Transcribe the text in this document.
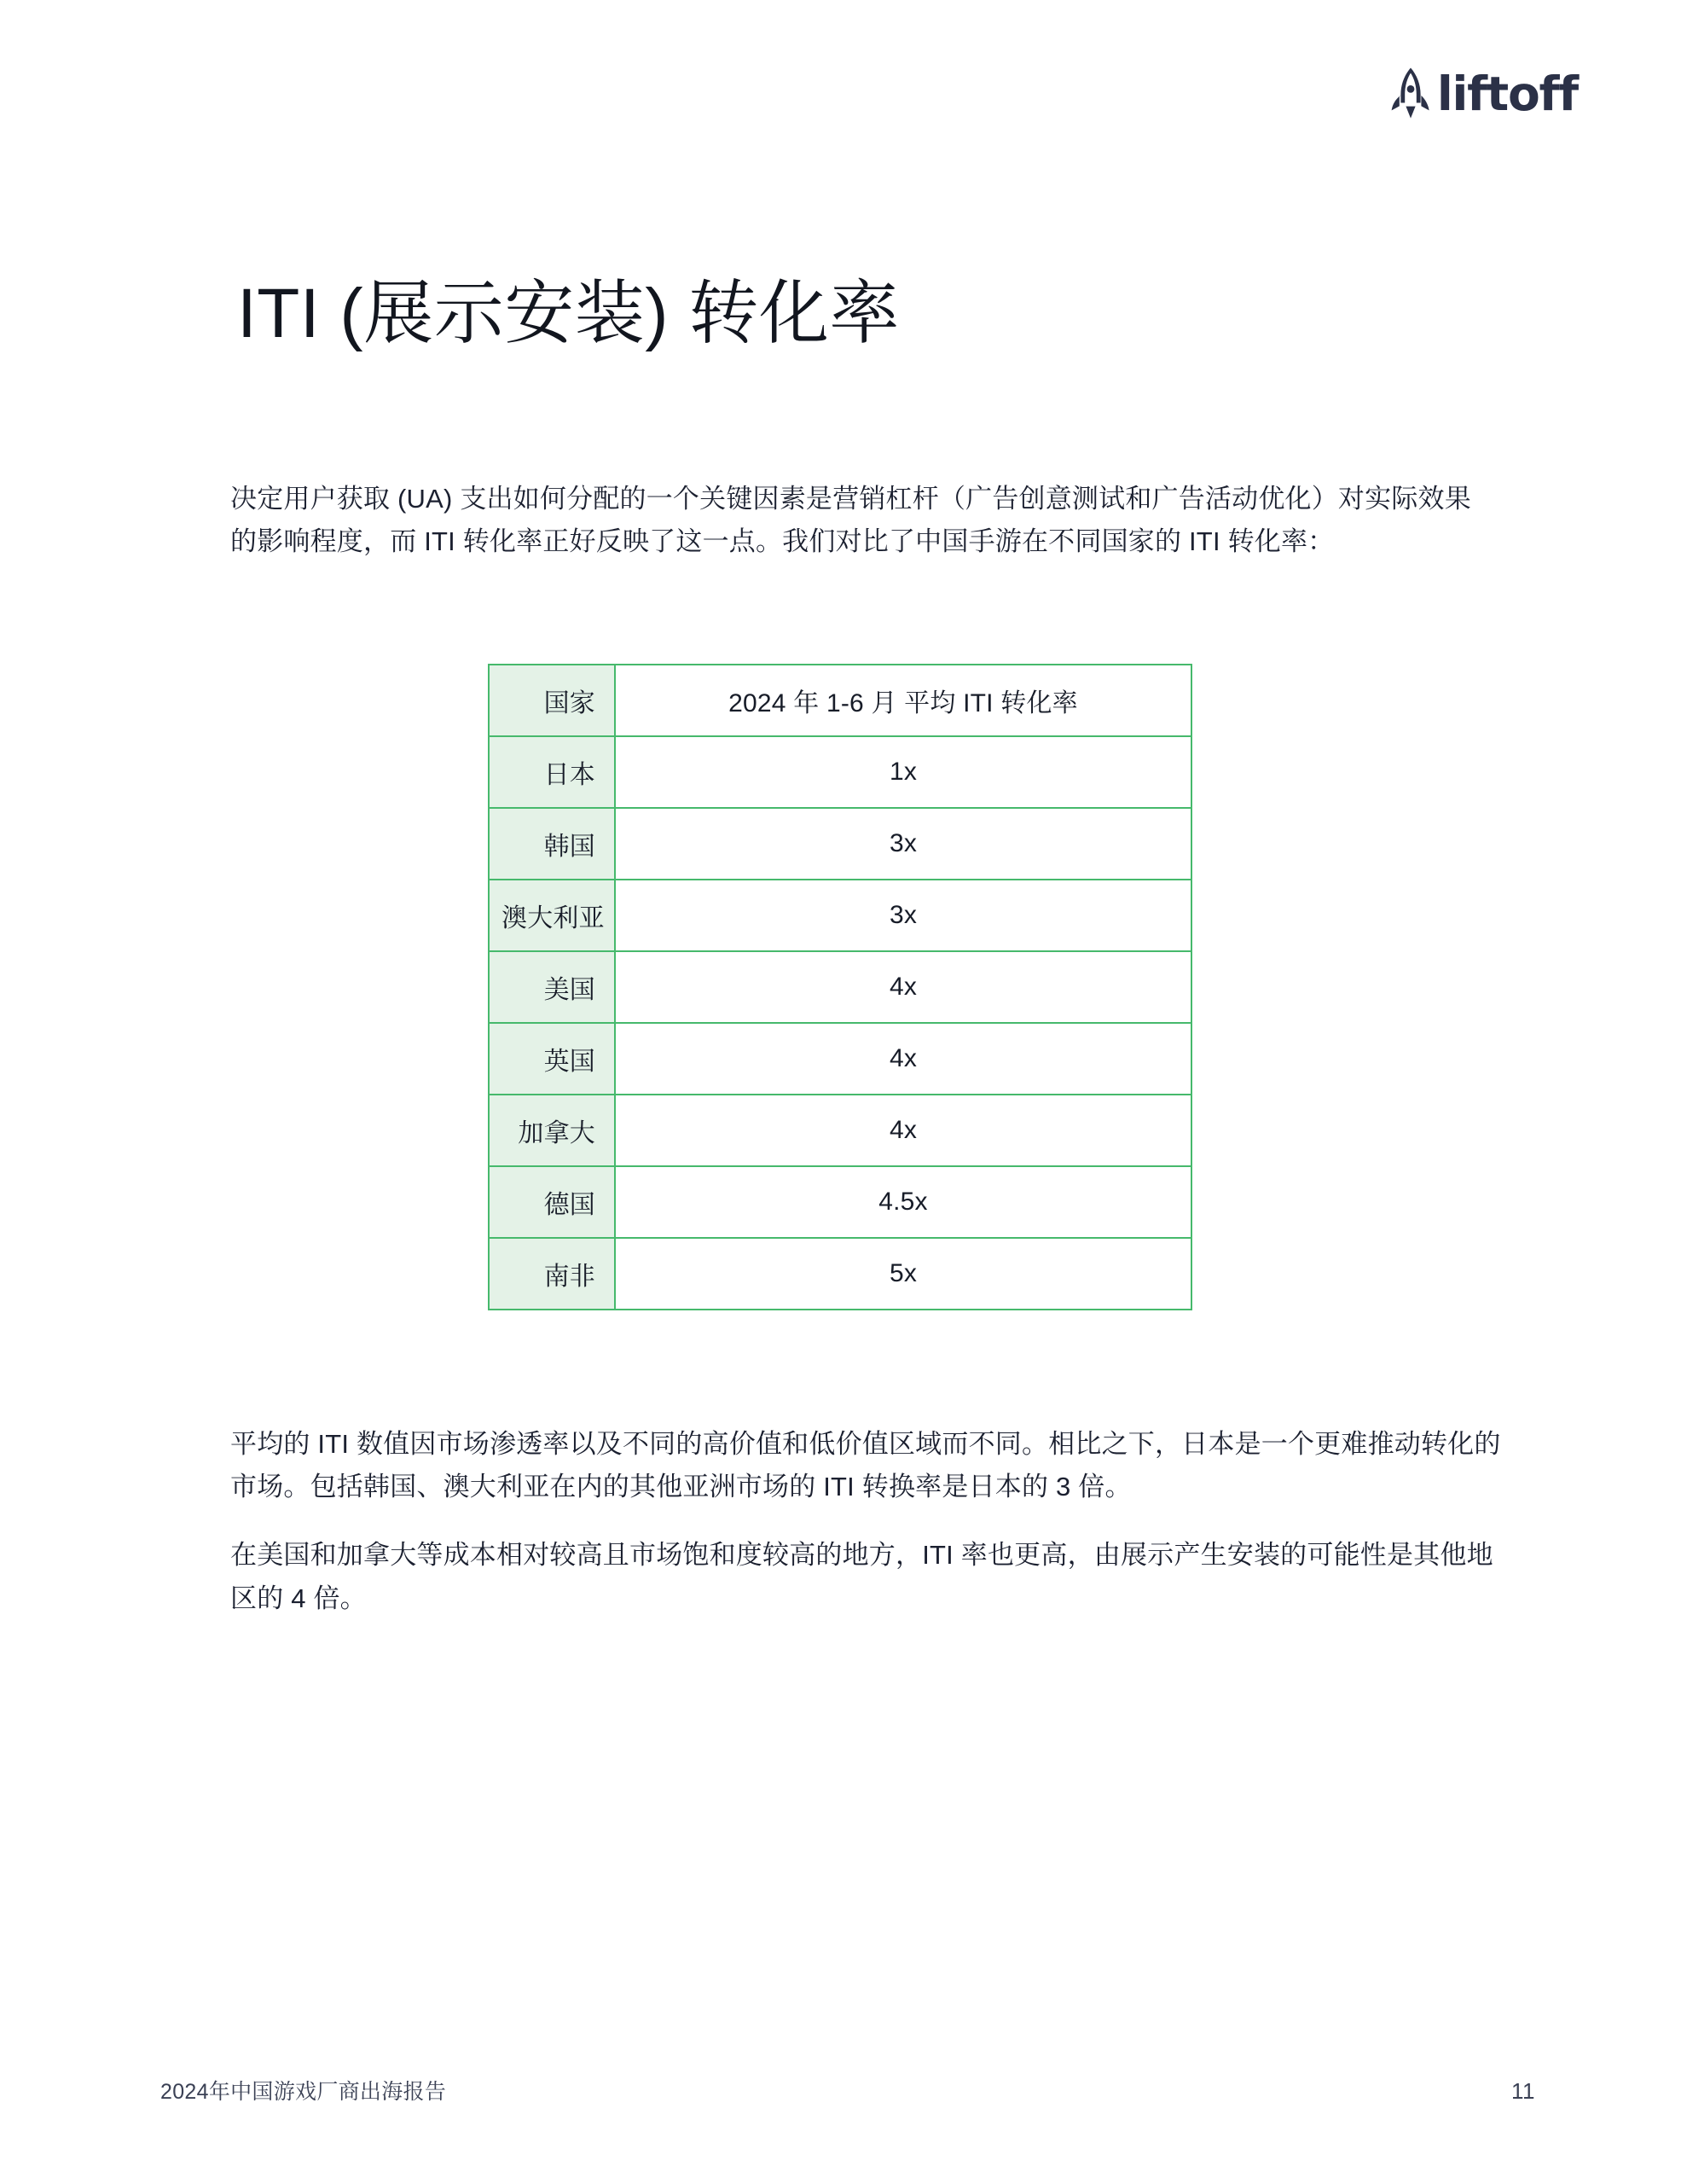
liftoff
ITI (展示安装) 转化率

决定用户获取 (UA) 支出如何分配的一个关键因素是营销杠杆（广告创意测试和广告活动优化）对实际效果的影响程度，而 ITI 转化率正好反映了这一点。我们对比了中国手游在不同国家的 ITI 转化率：

国家	2024 年 1-6 月 平均 ITI 转化率
日本	1x
韩国	3x
澳大利亚	3x
美国	4x
英国	4x
加拿大	4x
德国	4.5x
南非	5x

平均的 ITI 数值因市场渗透率以及不同的高价值和低价值区域而不同。相比之下，日本是一个更难推动转化的市场。包括韩国、澳大利亚在内的其他亚洲市场的 ITI 转换率是日本的 3 倍。

在美国和加拿大等成本相对较高且市场饱和度较高的地方，ITI 率也更高，由展示产生安装的可能性是其他地区的 4 倍。

2024年中国游戏厂商出海报告	11
